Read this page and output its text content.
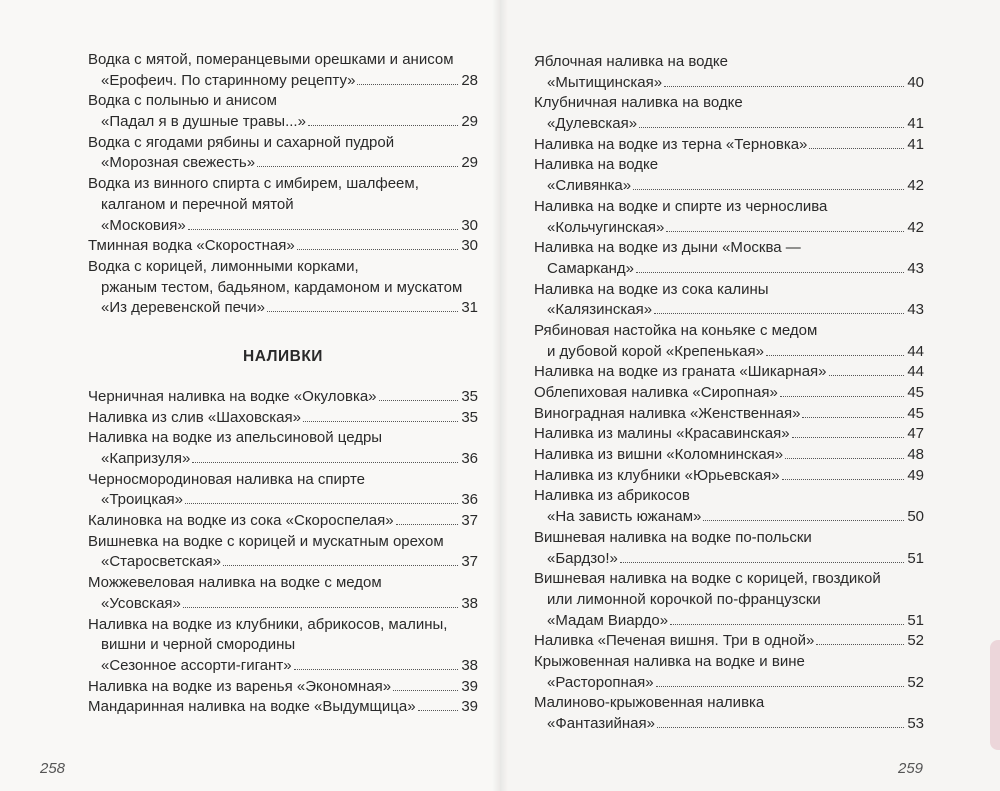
Водка с мятой, померанцевыми орешками и анисом
«Ерофеич. По старинному рецепту»	28
Водка с полынью и анисом
«Падал я в душные травы...»	29
Водка с ягодами рябины и сахарной пудрой
«Морозная свежесть»	29
Водка из винного спирта с имбирем, шалфеем,
калганом и перечной мятой
«Московия»	30
Тминная водка «Скоростная»	30
Водка с корицей, лимонными корками,
ржаным тестом, бадьяном, кардамоном и мускатом
«Из деревенской печи»	31
НАЛИВКИ
Черничная наливка на водке «Окуловка»	35
Наливка из слив «Шаховская»	35
Наливка на водке из апельсиновой цедры
«Капризуля»	36
Черносмородиновая наливка на спирте
«Троицкая»	36
Калиновка на водке из сока «Скороспелая»	37
Вишневка на водке с корицей и мускатным орехом
«Старосветская»	37
Можжевеловая наливка на водке с медом
«Усовская»	38
Наливка на водке из клубники, абрикосов, малины,
вишни и черной смородины
«Сезонное ассорти-гигант»	38
Наливка на водке из варенья «Экономная»	39
Мандаринная наливка на водке «Выдумщица»	39
Яблочная наливка на водке
«Мытищинская»	40
Клубничная наливка на водке
«Дулевская»	41
Наливка на водке из терна «Терновка»	41
Наливка на водке
«Сливянка»	42
Наливка на водке и спирте из чернослива
«Кольчугинская»	42
Наливка на водке из дыни «Москва —
Самарканд»	43
Наливка на водке из сока калины
«Калязинская»	43
Рябиновая настойка на коньяке с медом
и дубовой корой «Крепенькая»	44
Наливка на водке из граната «Шикарная»	44
Облепиховая наливка «Сиропная»	45
Виноградная наливка «Женственная»	45
Наливка из малины «Красавинская»	47
Наливка из вишни «Коломнинская»	48
Наливка из клубники «Юрьевская»	49
Наливка из абрикосов
«На зависть южанам»	50
Вишневая наливка на водке по-польски
«Бардзо!»	51
Вишневая наливка на водке с корицей, гвоздикой
или лимонной корочкой по-французски
«Мадам Виардо»	51
Наливка «Печеная вишня. Три в одной»	52
Крыжовенная наливка на водке и вине
«Расторопная»	52
Малиново-крыжовенная наливка
«Фантазийная»	53
258	259
